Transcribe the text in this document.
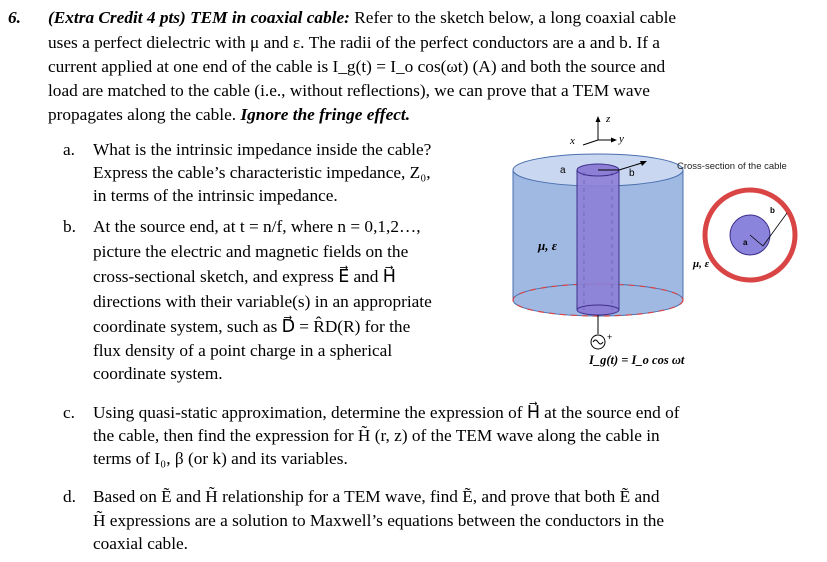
6. (Extra Credit 4 pts) TEM in coaxial cable: Refer to the sketch below, a long coaxial cable
uses a perfect dielectric with μ and ε. The radii of the perfect conductors are a and b. If a
current applied at one end of the cable is I_g(t) = I_o cos(ωt) (A) and both the source and
load are matched to the cable (i.e., without reflections), we can prove that a TEM wave
propagates along the cable. Ignore the fringe effect.
a. What is the intrinsic impedance inside the cable?
Express the cable’s characteristic impedance, Z₀,
in terms of the intrinsic impedance.
b. At the source end, at t = n/f, where n = 0,1,2…,
picture the electric and magnetic fields on the
cross-sectional sketch, and express E⃗ and H⃗
directions with their variable(s) in an appropriate
coordinate system, such as D⃗ = R̂D(R) for the
flux density of a point charge in a spherical
coordinate system.
c. Using quasi-static approximation, determine the expression of H⃗ at the source end of
the cable, then find the expression for H̃ (r, z) of the TEM wave along the cable in
terms of I₀, β (or k) and its variables.
d. Based on Ẽ and H̃ relationship for a TEM wave, find Ẽ, and prove that both Ẽ and
H̃ expressions are a solution to Maxwell’s equations between the conductors in the
coaxial cable.
z
x	y
a	b
μ, ε
+
I_g(t) = I_o cos ωt
Cross-section of the cable
a
b
μ, ε
